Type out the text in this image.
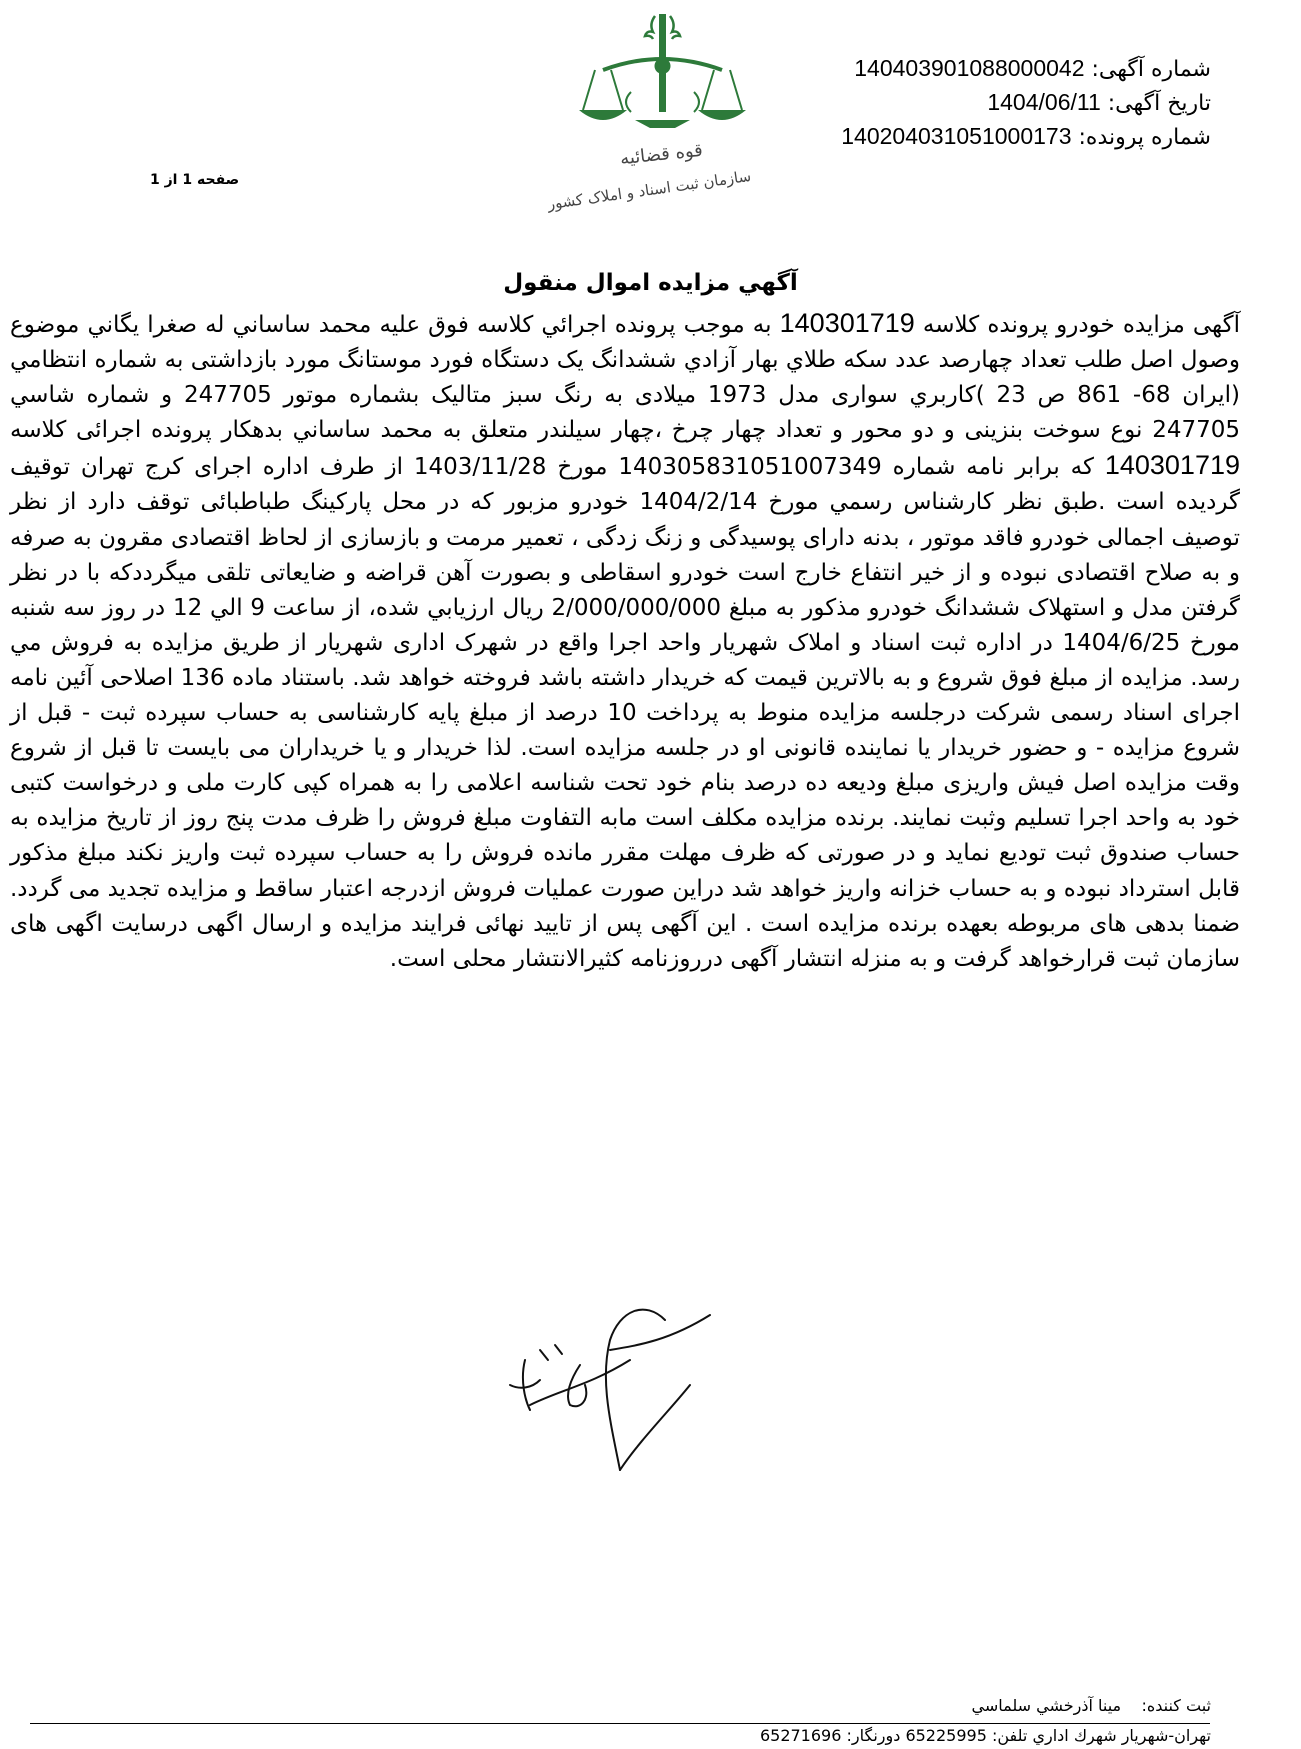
شماره آگهی: 140403901088000042
تاریخ آگهی: 1404/06/11
شماره پرونده: 140204031051000173
صفحه 1 از 1
قوه قضائیه
سازمان ثبت اسناد و املاک کشور
آگهي مزايده اموال منقول
آگهی مزایده خودرو پرونده کلاسه 140301719 به موجب پرونده اجرائي كلاسه فوق عليه محمد ساساني له صغرا يگاني موضوع وصول اصل طلب تعداد چهارصد عدد سكه طلاي بهار آزادي ششدانگ یک دستگاه فورد موستانگ مورد بازداشتی به شماره انتظامي (ايران 68- 861 ص 23 )كاربري سواری مدل 1973 میلادی به رنگ سبز متالیک بشماره موتور 247705 و شماره شاسي 247705 نوع سوخت بنزینی و دو محور و تعداد چهار چرخ ،چهار سیلندر متعلق به محمد ساساني بدهكار پرونده اجرائی كلاسه 140301719 که برابر نامه شماره 140305831051007349 مورخ 1403/11/28 از طرف اداره اجرای کرج تهران توقیف گردیده است .طبق نظر كارشناس رسمي مورخ 1404/2/14 خودرو مزبور که در محل پارکینگ طباطبائی توقف دارد از نظر توصیف اجمالی خودرو فاقد موتور ، بدنه دارای پوسیدگی و زنگ زدگی ، تعمیر مرمت و بازسازی از لحاظ اقتصادی مقرون به صرفه و به صلاح اقتصادی نبوده و از خیر انتفاع خارج است خودرو اسقاطی و بصورت آهن قراضه و ضایعاتی تلقی میگرددكه با در نظر گرفتن مدل و استهلاک ششدانگ خودرو مذكور به مبلغ 2/000/000/000 ريال ارزيابي شده، از ساعت 9 الي 12 در روز سه شنبه مورخ 1404/6/25 در اداره ثبت اسناد و املاک شهریار واحد اجرا واقع در شهرک اداری شهریار از طريق مزايده به فروش مي رسد. مزايده از مبلغ فوق شروع و به بالاترين قيمت كه خريدار داشته باشد فروخته خواهد شد. باستناد ماده 136 اصلاحی آئین نامه اجرای اسناد رسمی شرکت درجلسه مزایده منوط به پرداخت 10 درصد از مبلغ پایه کارشناسی به حساب سپرده ثبت - قبل از شروع مزایده - و حضور خریدار یا نماینده قانونی او در جلسه مزایده است. لذا خریدار و یا خریداران می بایست تا قبل از شروع وقت مزایده اصل فیش واریزی مبلغ ودیعه ده درصد بنام خود تحت شناسه اعلامی را به همراه کپی کارت ملی و درخواست کتبی خود به واحد اجرا تسلیم وثبت نمایند. برنده مزایده مکلف است مابه التفاوت مبلغ فروش را ظرف مدت پنج روز از تاریخ مزایده به حساب صندوق ثبت تودیع نماید و در صورتی که ظرف مهلت مقرر مانده فروش را به حساب سپرده ثبت واریز نکند مبلغ مذکور قابل استرداد نبوده و به حساب خزانه واریز خواهد شد دراین صورت عملیات فروش ازدرجه اعتبار ساقط و مزایده تجدید می گردد. ضمنا بدهی های مربوطه بعهده برنده مزایده است . این آگهی پس از تایید نهائی فرایند مزایده و ارسال اگهی درسایت اگهی های سازمان ثبت قرارخواهد گرفت و به منزله انتشار آگهی درروزنامه کثیرالانتشار محلی است.
آذرخش
ثبت کننده:    مینا آذرخشي سلماسي
تهران-شهريار شهرك اداري تلفن: 65225995 دورنگار: 65271696
